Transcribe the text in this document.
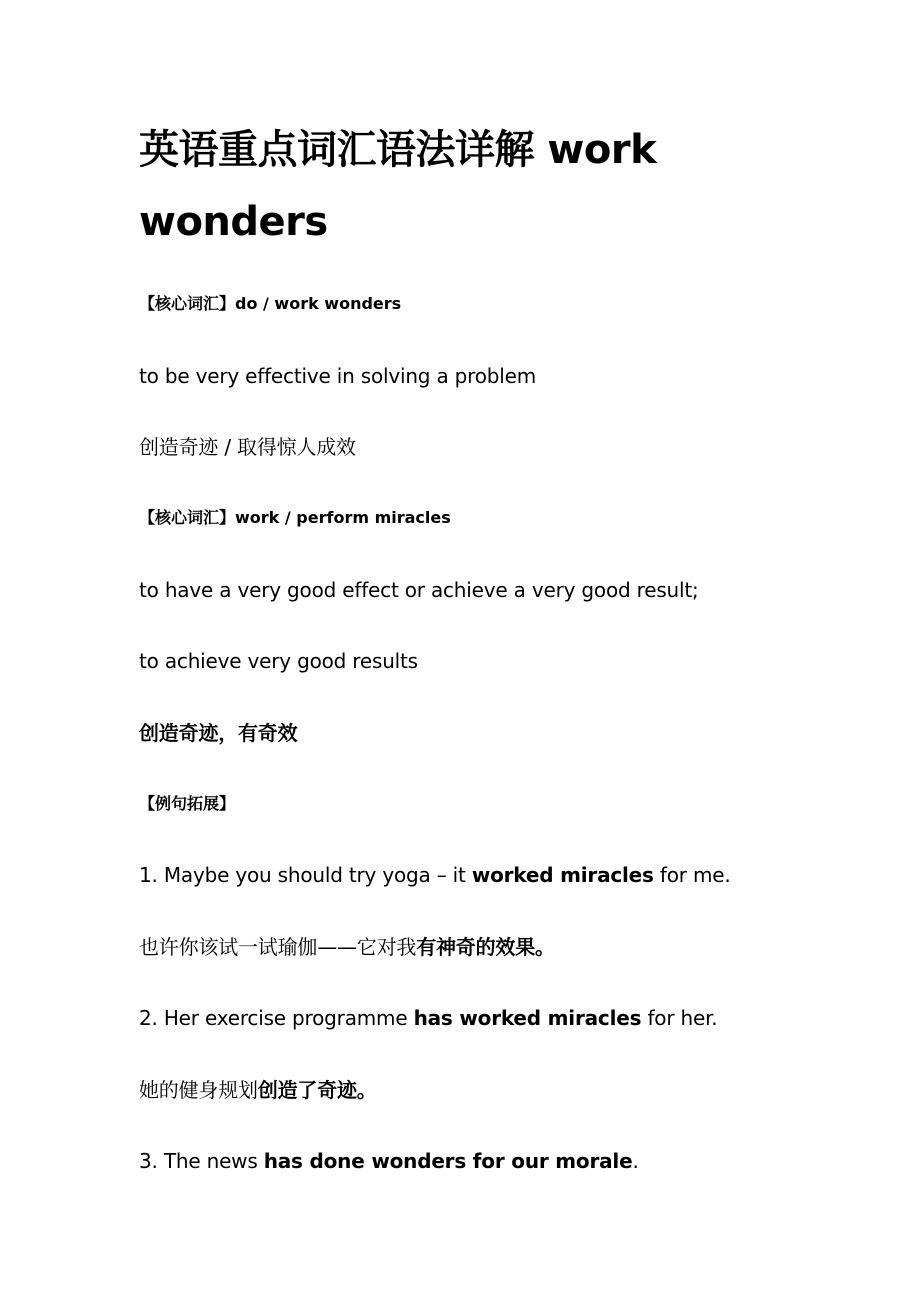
英语重点词汇语法详解 work wonders

【核心词汇】do / work wonders

to be very effective in solving a problem

创造奇迹 / 取得惊人成效

【核心词汇】work / perform miracles

to have a very good effect or achieve a very good result;

to achieve very good results

创造奇迹，有奇效

【例句拓展】

1. Maybe you should try yoga – it worked miracles for me.

也许你该试一试瑜伽——它对我有神奇的效果。

2. Her exercise programme has worked miracles for her.

她的健身规划创造了奇迹。

3. The news has done wonders for our morale.
